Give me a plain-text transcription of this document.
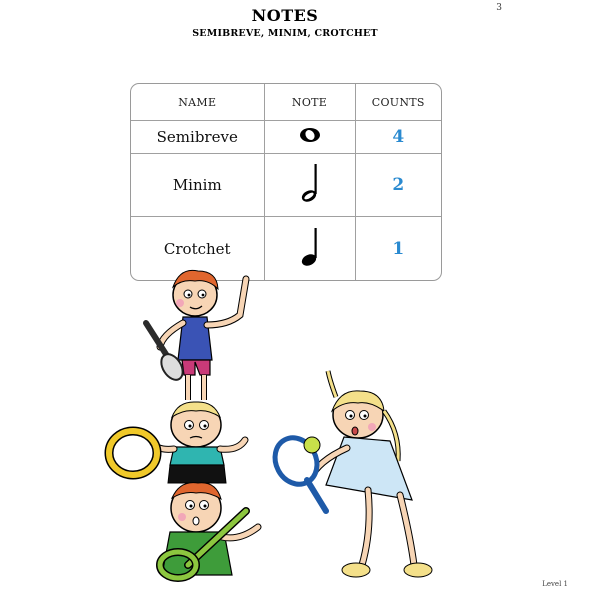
3
NOTES
SEMIBREVE, MINIM, CROTCHET
NAME	NOTE	COUNTS
Semibreve		4
Minim		2
Crotchet		1
Level 1
